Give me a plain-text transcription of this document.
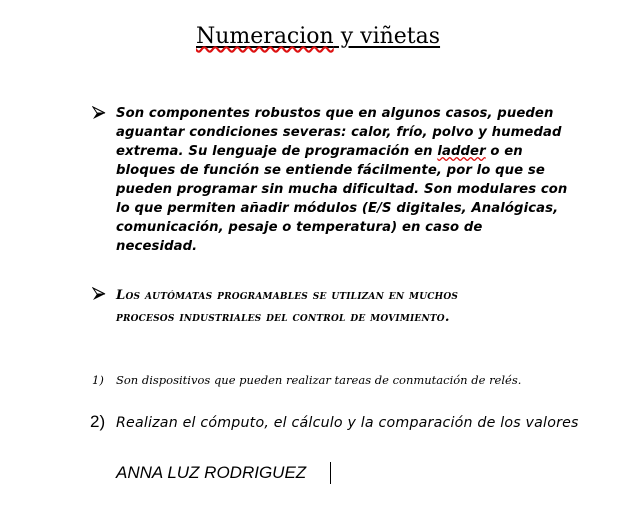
Numeracion y viñetas
Son componentes robustos que en algunos casos, pueden
aguantar condiciones severas: calor, frío, polvo y humedad
extrema. Su lenguaje de programación en ladder o en
bloques de función se entiende fácilmente, por lo que se
pueden programar sin mucha dificultad. Son modulares con
lo que permiten añadir módulos (E/S digitales, Analógicas,
comunicación, pesaje o temperatura) en caso de
necesidad.
Los autómatas programables se utilizan en muchos
procesos industriales del control de movimiento.
1) Son dispositivos que pueden realizar tareas de conmutación de relés.
2) Realizan el cómputo, el cálculo y la comparación de los valores
ANNA LUZ RODRIGUEZ
